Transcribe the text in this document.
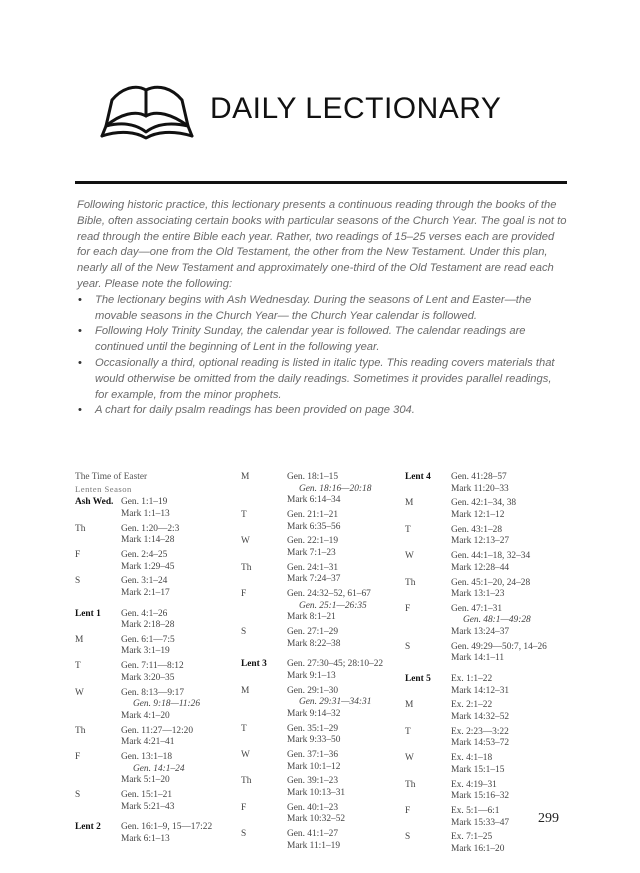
DAILY LECTIONARY

Following historic practice, this lectionary presents a continuous reading through the books of the Bible, often associating certain books with particular seasons of the Church Year. The goal is not to read through the entire Bible each year. Rather, two readings of 15–25 verses each are provided for each day—one from the Old Testament, the other from the New Testament. Under this plan, nearly all of the New Testament and approximately one-third of the Old Testament are read each year. Please note the following:

• The lectionary begins with Ash Wednesday. During the seasons of Lent and Easter—the movable seasons in the Church Year— the Church Year calendar is followed.
• Following Holy Trinity Sunday, the calendar year is followed. The calendar readings are continued until the beginning of Lent in the following year.
• Occasionally a third, optional reading is listed in italic type. This reading covers materials that would otherwise be omitted from the daily readings. Sometimes it provides parallel readings, for example, from the minor prophets.
• A chart for daily psalm readings has been provided on page 304.
The Time of Easter
Lenten Season
Ash Wed. Gen. 1:1–19
Mark 1:1–13
Th	Gen. 1:20—2:3
Mark 1:14–28
F	Gen. 2:4–25
Mark 1:29–45
S	Gen. 3:1–24
Mark 2:1–17
Lent 1	Gen. 4:1–26
Mark 2:18–28
M	Gen. 6:1—7:5
Mark 3:1–19
T	Gen. 7:11—8:12
Mark 3:20–35
W	Gen. 8:13—9:17
Gen. 9:18—11:26
Mark 4:1–20
Th	Gen. 11:27—12:20
Mark 4:21–41
F	Gen. 13:1–18
Gen. 14:1–24
Mark 5:1–20
S	Gen. 15:1–21
Mark 5:21–43
Lent 2	Gen. 16:1–9, 15—17:22
Mark 6:1–13
M	Gen. 18:1–15
Gen. 18:16—20:18
Mark 6:14–34
T	Gen. 21:1–21
Mark 6:35–56
W	Gen. 22:1–19
Mark 7:1–23
Th	Gen. 24:1–31
Mark 7:24–37
F	Gen. 24:32–52, 61–67
Gen. 25:1—26:35
Mark 8:1–21
S	Gen. 27:1–29
Mark 8:22–38
Lent 3	Gen. 27:30–45; 28:10–22
Mark 9:1–13
M	Gen. 29:1–30
Gen. 29:31—34:31
Mark 9:14–32
T	Gen. 35:1–29
Mark 9:33–50
W	Gen. 37:1–36
Mark 10:1–12
Th	Gen. 39:1–23
Mark 10:13–31
F	Gen. 40:1–23
Mark 10:32–52
S	Gen. 41:1–27
Mark 11:1–19
Lent 4	Gen. 41:28–57
Mark 11:20–33
M	Gen. 42:1–34, 38
Mark 12:1–12
T	Gen. 43:1–28
Mark 12:13–27
W	Gen. 44:1–18, 32–34
Mark 12:28–44
Th	Gen. 45:1–20, 24–28
Mark 13:1–23
F	Gen. 47:1–31
Gen. 48:1—49:28
Mark 13:24–37
S	Gen. 49:29—50:7, 14–26
Mark 14:1–11
Lent 5	Ex. 1:1–22
Mark 14:12–31
M	Ex. 2:1–22
Mark 14:32–52
T	Ex. 2:23—3:22
Mark 14:53–72
W	Ex. 4:1–18
Mark 15:1–15
Th	Ex. 4:19–31
Mark 15:16–32
F	Ex. 5:1—6:1
Mark 15:33–47
S	Ex. 7:1–25
Mark 16:1–20
299
